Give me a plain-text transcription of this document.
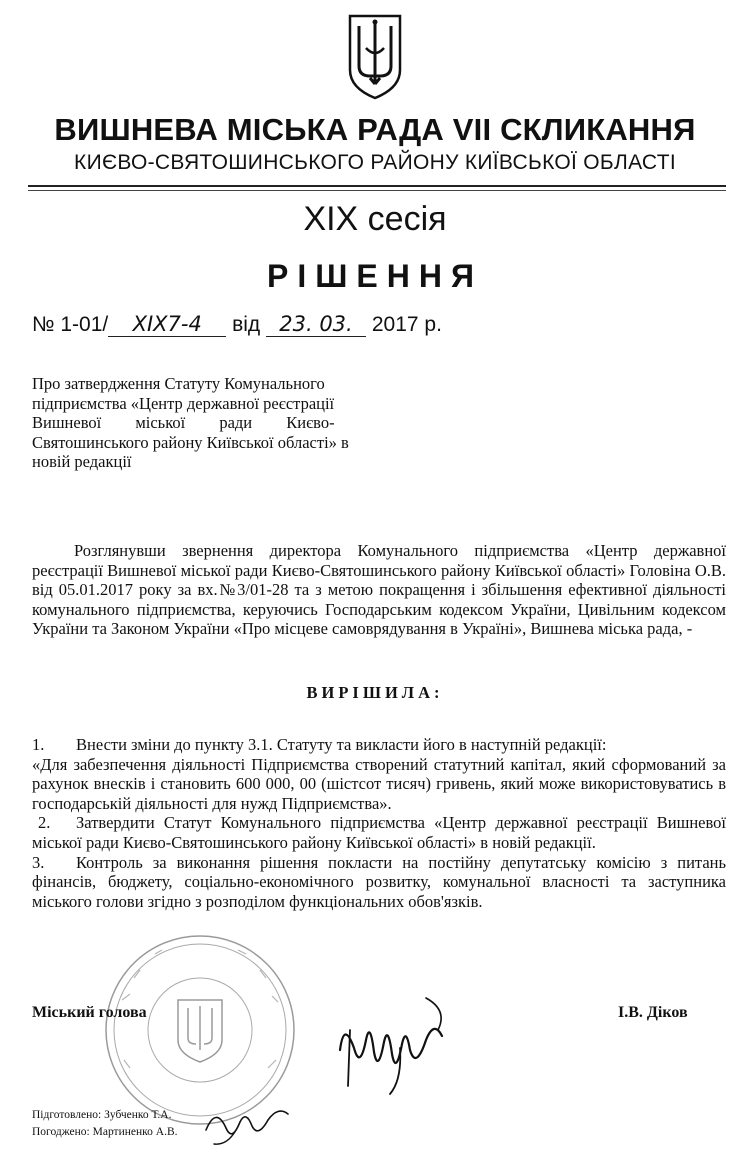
ВИШНЕВА МІСЬКА РАДА VII СКЛИКАННЯ
КИЄВО-СВЯТОШИНСЬКОГО РАЙОНУ КИЇВСЬКОЇ ОБЛАСТІ
XIX сесія
РІШЕННЯ
№ 1-01/ XIX7-4 від 23. 03. 2017 р.
Про затвердження Статуту Комунального
підприємства «Центр державної реєстрації
Вишневої міської ради Києво-
Святошинського району Київської області» в
новій редакції
Розглянувши звернення директора Комунального підприємства «Центр державної реєстрації Вишневої міської ради Києво-Святошинського району Київської області» Головіна О.В. від 05.01.2017 року за вх.№3/01-28 та з метою покращення і збільшення ефективної діяльності комунального підприємства, керуючись Господарським кодексом України, Цивільним кодексом України та Законом України «Про місцеве самоврядування в Україні», Вишнева міська рада, -
ВИРІШИЛА:
1. Внести зміни до пункту 3.1. Статуту та викласти його в наступній редакції:
«Для забезпечення діяльності Підприємства створений статутний капітал, який сформований за рахунок внесків і становить 600 000, 00 (шістсот тисяч) гривень, який може використовуватись в господарській діяльності для нужд Підприємства».
2. Затвердити Статут Комунального підприємства «Центр державної реєстрації Вишневої міської ради Києво-Святошинського району Київської області» в новій редакції.
3. Контроль за виконання рішення покласти на постійну депутатську комісію з питань фінансів, бюджету, соціально-економічного розвитку, комунальної власності та заступника міського голови згідно з розподілом функціональних обов'язків.
Міський голова	І.В. Діков
Підготовлено: Зубченко Т.А.
Погоджено: Мартиненко А.В.
